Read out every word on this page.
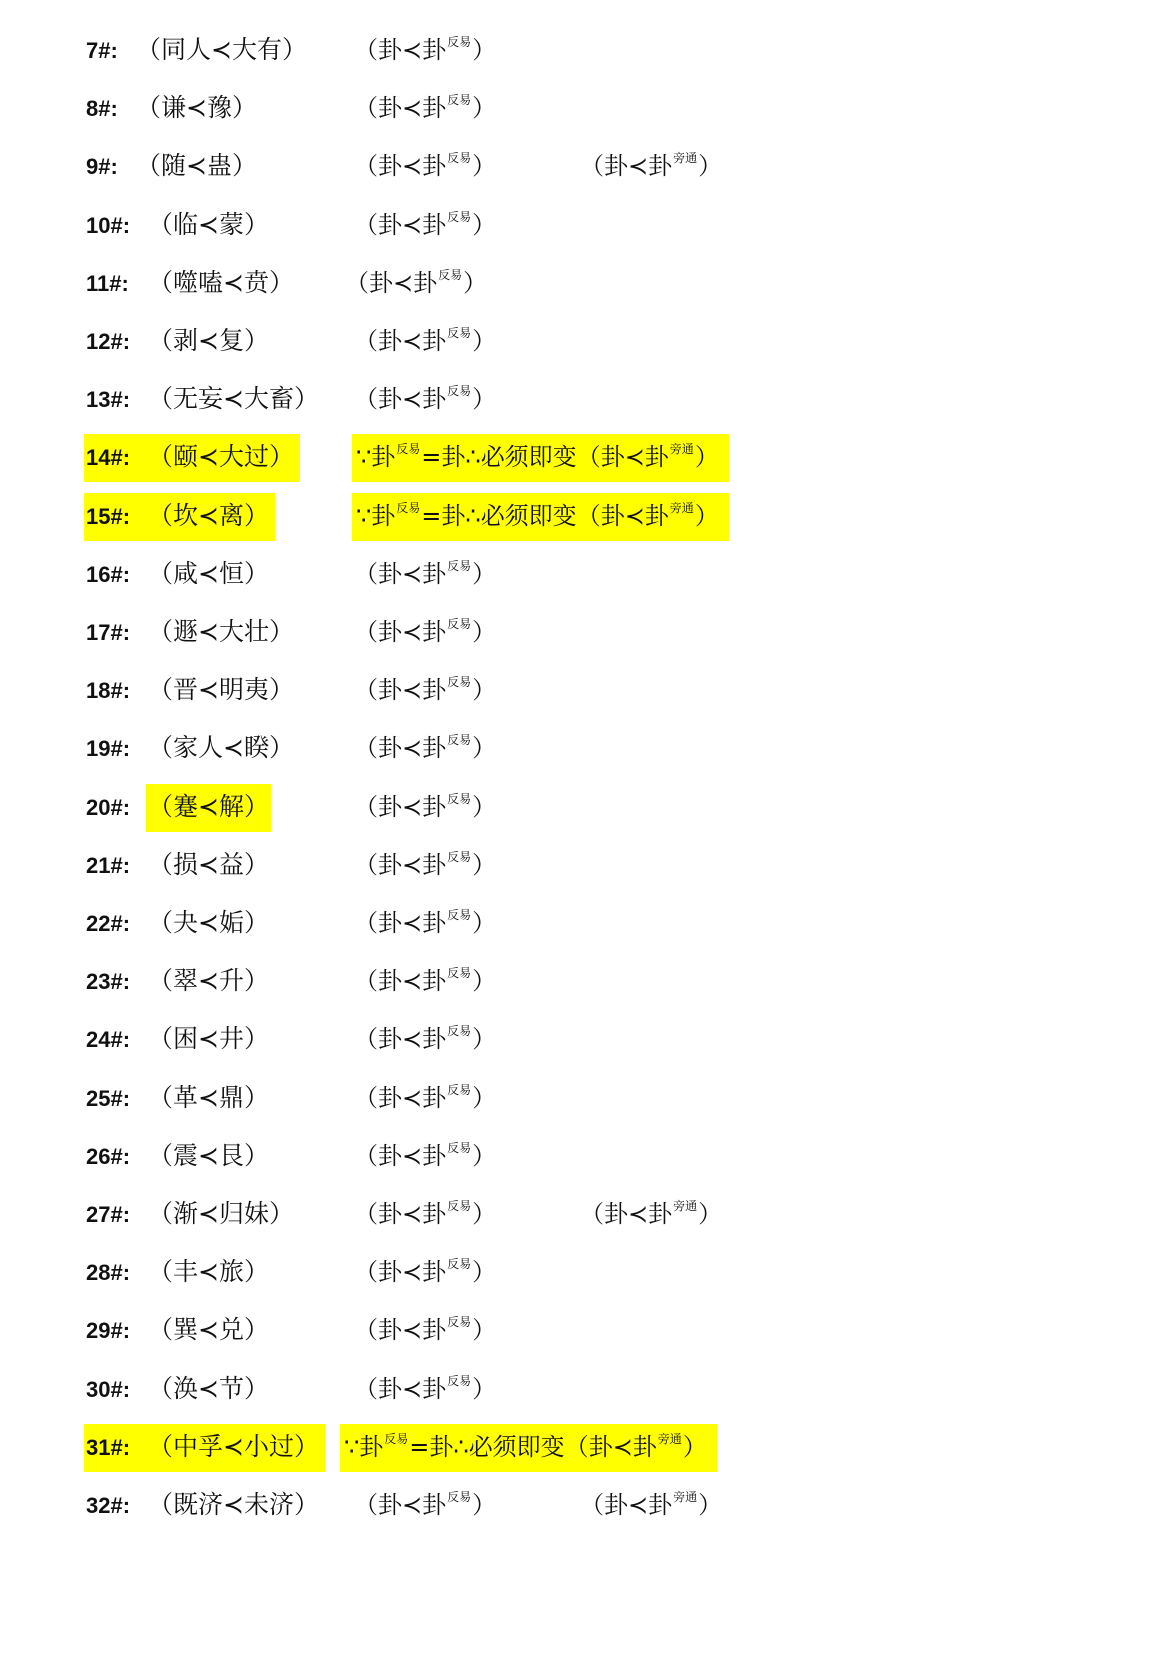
7#: （同人≺大有） （卦≺卦$^{反易}$）
8#: （谦≺豫）	（卦≺卦$^{反易}$）
9#: （随≺蛊）	（卦≺卦$^{反易}$）	（卦≺卦$^{旁通}$）
10#: （临≺蒙）	（卦≺卦$^{反易}$）
11#: （噬嗑≺贲） （卦≺卦$^{反易}$）
12#: （剥≺复）	（卦≺卦$^{反易}$）
13#: （无妄≺大畜） （卦≺卦$^{反易}$）
14#: （颐≺大过）	∵卦$^{反易}$=卦∴必须即变（卦≺卦$^{旁通}$）
15#: （坎≺离）	∵卦$^{反易}$=卦∴必须即变（卦≺卦$^{旁通}$）
16#: （咸≺恒）	（卦≺卦$^{反易}$）
17#: （遯≺大壮）	（卦≺卦$^{反易}$）
18#: （晋≺明夷）	（卦≺卦$^{反易}$）
19#: （家人≺睽）	（卦≺卦$^{反易}$）
20#: （蹇≺解）	（卦≺卦$^{反易}$）
21#: （损≺益）	（卦≺卦$^{反易}$）
22#: （夬≺姤）	（卦≺卦$^{反易}$）
23#: （翠≺升）	（卦≺卦$^{反易}$）
24#: （困≺井）	（卦≺卦$^{反易}$）
25#: （革≺鼎）	（卦≺卦$^{反易}$）
26#: （震≺艮）	（卦≺卦$^{反易}$）
27#: （渐≺归妹）	（卦≺卦$^{反易}$）	（卦≺卦$^{旁通}$）
28#: （丰≺旅）	（卦≺卦$^{反易}$）
29#: （巽≺兑）	（卦≺卦$^{反易}$）
30#: （涣≺节）	（卦≺卦$^{反易}$）
31#: （中孚≺小过） ∵卦$^{反易}$=卦∴必须即变（卦≺卦$^{旁通}$）
32#: （既济≺未济） （卦≺卦$^{反易}$）	（卦≺卦$^{旁通}$）
